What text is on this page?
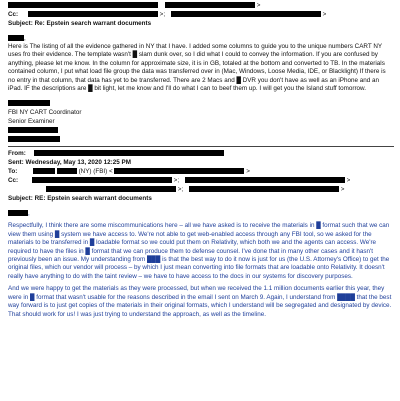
>
Cc:	>;	>
Subject: Re: Epstein search warrant documents
,

Here is The listing of all the evidence gathered in NY that I have. I added some columns to guide you to the unique numbers CART NY uses fro their evidence. The template wasn't █ slam dunk over, so I did what I could to convey the information. If you are confused by anything, please let me know. In the column for approximate size, it is in GB, totaled at the bottom and converted to TB. In the materials contained column, I put what load file group the data was transferred over in (Mac, Windows, Loose Media, IDE, or Blacklight) If there is no entry in that column, that data has yet to be transferred. There are 2 Macs and █ DVR you don't have as well as an iPhone and an iPad. IF the descriptions are █ bit light, let me know and I'll do what I can to beef them up. I will get you the Island stuff tomorrow.

FBI NY CART Coordinator
Senior Examiner
From:
Sent: Wednesday, May 13, 2020 12:25 PM
To:	(NY) (FBI) <	>
Cc:	>;	>
>;	>
Subject: RE: Epstein search warrant documents
,

Respectfully, I think there are some miscommunications here – all we have asked is to receive the materials in █ format such that we can view them using █ system we have access to. We're not able to get web-enabled access through any FBI tool, so we asked for the materials to be transferred in █ loadable format so we could put them on Relativity, which both we and the agents can access. We're required to have the files in █ format that we can produce them to defense counsel. I've done that in many other cases and it hasn't previously been an issue. My understanding from ███ is that the best way to do it now is just for us (the U.S. Attorney's Office) to get the original files, which our vendor will process – by which I just mean converting into file formats that are loadable onto Relativity. It doesn't really have anything to do with the taint review – we have to have access to the docs in our systems for discovery purposes.

And we were happy to get the materials as they were processed, but when we received the 1.1 million documents earlier this year, they were in █ format that wasn't usable for the reasons described in the email I sent on March 9. Again, I understand from ████ that the best way forward is to just get copies of the materials in their original formats, which I understand will be segregated and designated by device. That should work for us! I was just trying to understand the approach, as well as the timeline.
